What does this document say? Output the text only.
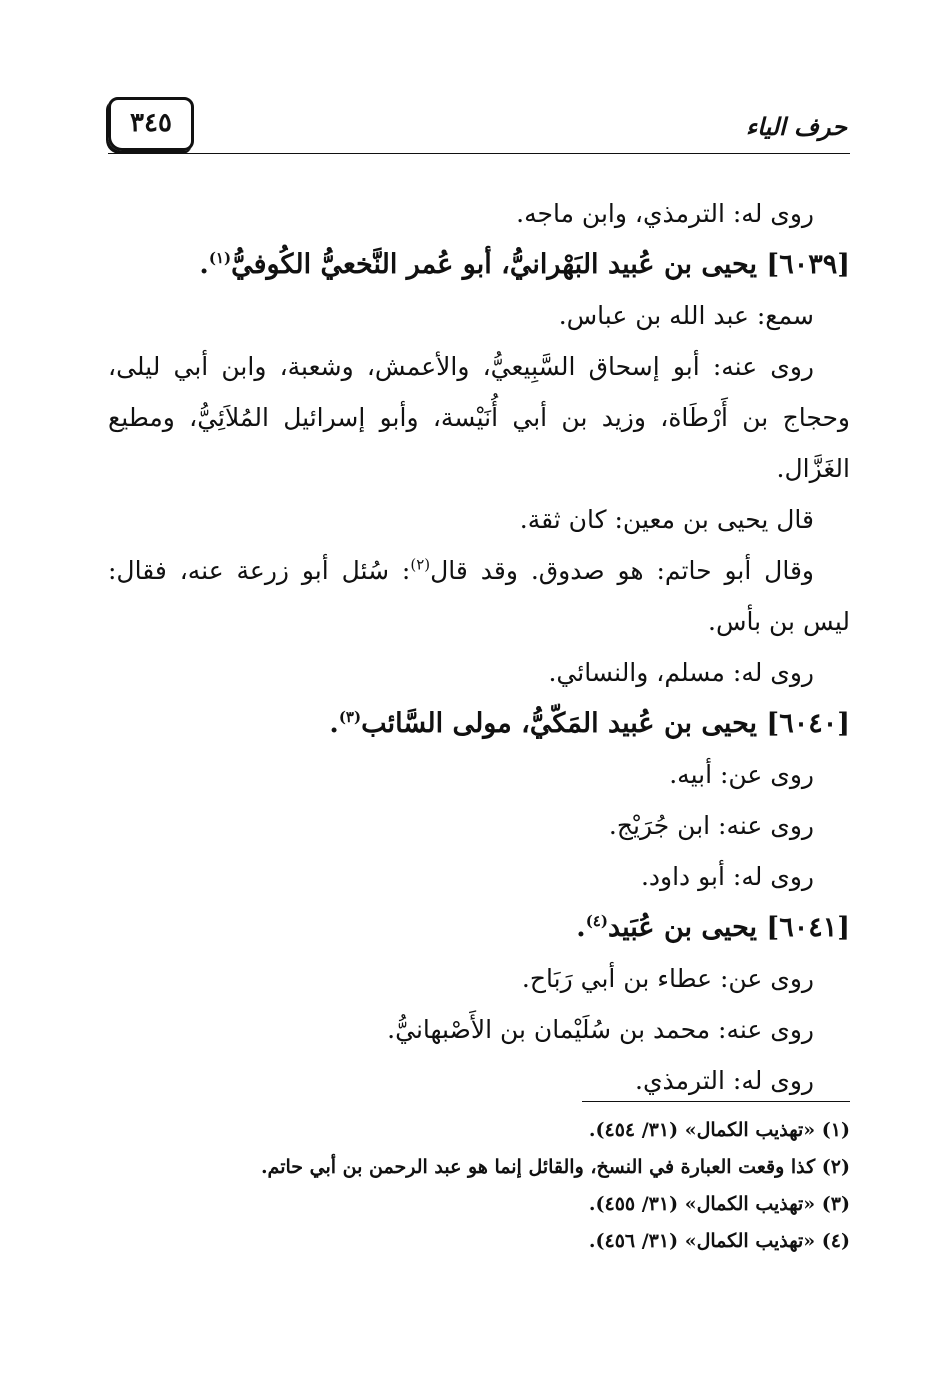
٣٤٥	حرف الياء
روى له: الترمذي، وابن ماجه.
[٦٠٣٩] يحيى بن عُبيد البَهْرانيُّ، أبو عُمر النَّخعيُّ الكُوفيُّ$^{(١)}$.
سمع: عبد الله بن عباس.
روى عنه: أبو إسحاق السَّبِيعيُّ، والأعمش، وشعبة، وابن أبي ليلى،
وحجاج بن أَرْطَاة، وزيد بن أبي أُنَيْسة، وأبو إسرائيل المُلاَئِيُّ، ومطيع
الغَزَّال.
قال يحيى بن معين: كان ثقة.
وقال أبو حاتم: هو صدوق. وقد قال$^{(٢)}$: سُئل أبو زرعة عنه، فقال:
ليس بن بأس.
روى له: مسلم، والنسائي.
[٦٠٤٠] يحيى بن عُبيد المَكّيُّ، مولى السَّائب$^{(٣)}$.
روى عن: أبيه.
روى عنه: ابن جُرَيْج.
روى له: أبو داود.
[٦٠٤١] يحيى بن عُبَيد$^{(٤)}$.
روى عن: عطاء بن أبي رَبَاح.
روى عنه: محمد بن سُلَيْمان بن الأَصْبهانيُّ.
روى له: الترمذي.
(١) «تهذيب الكمال» (٣١/ ٤٥٤).
(٢) كذا وقعت العبارة في النسخ، والقائل إنما هو عبد الرحمن بن أبي حاتم.
(٣) «تهذيب الكمال» (٣١/ ٤٥٥).
(٤) «تهذيب الكمال» (٣١/ ٤٥٦).
